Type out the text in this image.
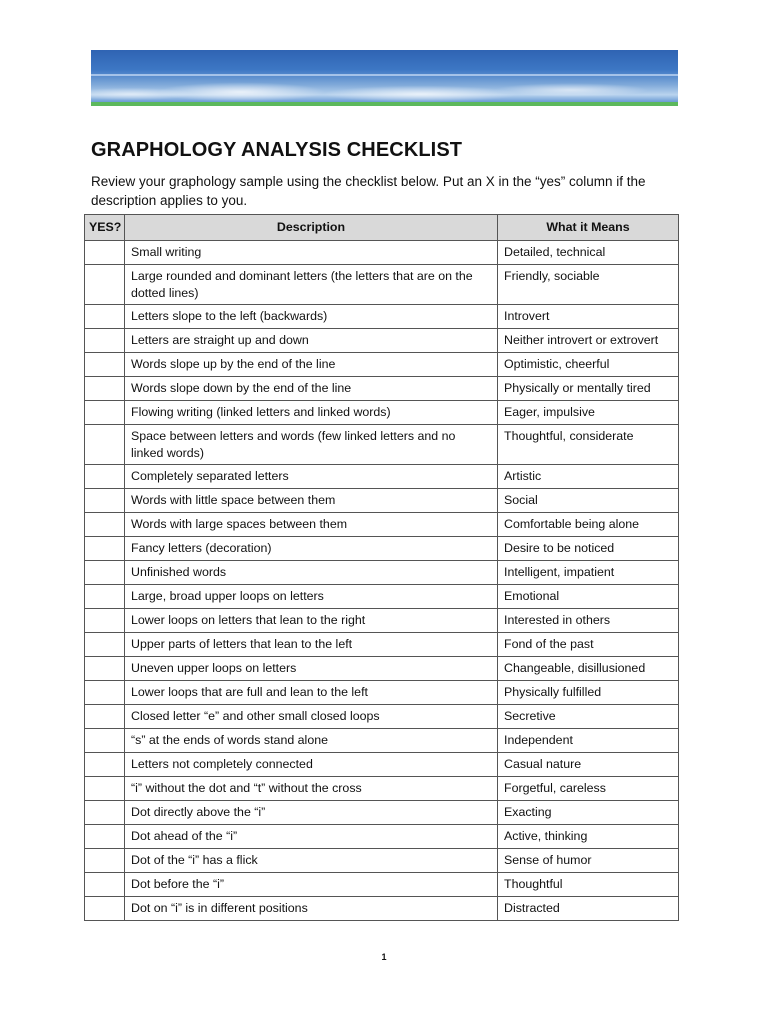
GRAPHOLOGY ANALYSIS CHECKLIST

Review your graphology sample using the checklist below. Put an X in the “yes” column if the description applies to you.

YES?	Description	What it Means
	Small writing	Detailed, technical
	Large rounded and dominant letters (the letters that are on the dotted lines)	Friendly, sociable
	Letters slope to the left (backwards)	Introvert
	Letters are straight up and down	Neither introvert or extrovert
	Words slope up by the end of the line	Optimistic, cheerful
	Words slope down by the end of the line	Physically or mentally tired
	Flowing writing (linked letters and linked words)	Eager, impulsive
	Space between letters and words (few linked letters and no linked words)	Thoughtful, considerate
	Completely separated letters	Artistic
	Words with little space between them	Social
	Words with large spaces between them	Comfortable being alone
	Fancy letters (decoration)	Desire to be noticed
	Unfinished words	Intelligent, impatient
	Large, broad upper loops on letters	Emotional
	Lower loops on letters that lean to the right	Interested in others
	Upper parts of letters that lean to the left	Fond of the past
	Uneven upper loops on letters	Changeable, disillusioned
	Lower loops that are full and lean to the left	Physically fulfilled
	Closed letter “e” and other small closed loops	Secretive
	“s” at the ends of words stand alone	Independent
	Letters not completely connected	Casual nature
	“i” without the dot and “t” without the cross	Forgetful, careless
	Dot directly above the “i”	Exacting
	Dot ahead of the “i”	Active, thinking
	Dot of the “i” has a flick	Sense of humor
	Dot before the “i”	Thoughtful
	Dot on “i” is in different positions	Distracted
1
